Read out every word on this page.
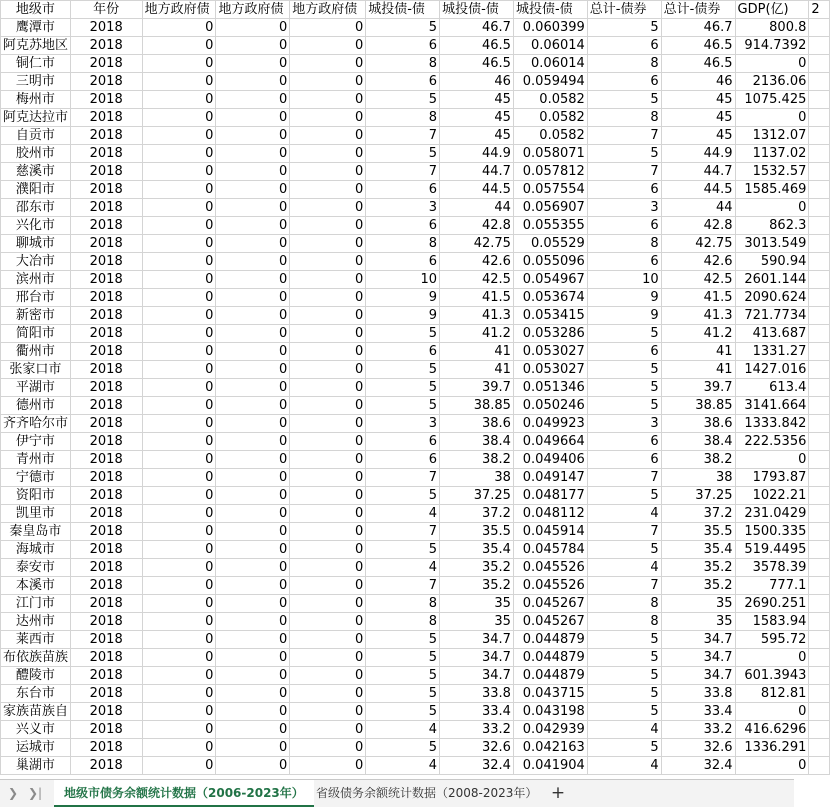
地级市	年份	地方政府债	地方政府债	地方政府债	城投债-债	城投债-债	城投债-债	总计-债券	总计-债券	GDP(亿)	2
鹰潭市	2018	0	0	0	5	46.7	0.060399	5	46.7	800.8	
阿克苏地区	2018	0	0	0	6	46.5	0.06014	6	46.5	914.7392	
铜仁市	2018	0	0	0	8	46.5	0.06014	8	46.5	0	
三明市	2018	0	0	0	6	46	0.059494	6	46	2136.06	
梅州市	2018	0	0	0	5	45	0.0582	5	45	1075.425	
阿克达拉市	2018	0	0	0	8	45	0.0582	8	45	0	
自贡市	2018	0	0	0	7	45	0.0582	7	45	1312.07	
胶州市	2018	0	0	0	5	44.9	0.058071	5	44.9	1137.02	
慈溪市	2018	0	0	0	7	44.7	0.057812	7	44.7	1532.57	
濮阳市	2018	0	0	0	6	44.5	0.057554	6	44.5	1585.469	
邵东市	2018	0	0	0	3	44	0.056907	3	44	0	
兴化市	2018	0	0	0	6	42.8	0.055355	6	42.8	862.3	
聊城市	2018	0	0	0	8	42.75	0.05529	8	42.75	3013.549	
大冶市	2018	0	0	0	6	42.6	0.055096	6	42.6	590.94	
滨州市	2018	0	0	0	10	42.5	0.054967	10	42.5	2601.144	
邢台市	2018	0	0	0	9	41.5	0.053674	9	41.5	2090.624	
新密市	2018	0	0	0	9	41.3	0.053415	9	41.3	721.7734	
简阳市	2018	0	0	0	5	41.2	0.053286	5	41.2	413.687	
衢州市	2018	0	0	0	6	41	0.053027	6	41	1331.27	
张家口市	2018	0	0	0	5	41	0.053027	5	41	1427.016	
平湖市	2018	0	0	0	5	39.7	0.051346	5	39.7	613.4	
德州市	2018	0	0	0	5	38.85	0.050246	5	38.85	3141.664	
齐齐哈尔市	2018	0	0	0	3	38.6	0.049923	3	38.6	1333.842	
伊宁市	2018	0	0	0	6	38.4	0.049664	6	38.4	222.5356	
青州市	2018	0	0	0	6	38.2	0.049406	6	38.2	0	
宁德市	2018	0	0	0	7	38	0.049147	7	38	1793.87	
资阳市	2018	0	0	0	5	37.25	0.048177	5	37.25	1022.21	
凯里市	2018	0	0	0	4	37.2	0.048112	4	37.2	231.0429	
秦皇岛市	2018	0	0	0	7	35.5	0.045914	7	35.5	1500.335	
海城市	2018	0	0	0	5	35.4	0.045784	5	35.4	519.4495	
泰安市	2018	0	0	0	4	35.2	0.045526	4	35.2	3578.39	
本溪市	2018	0	0	0	7	35.2	0.045526	7	35.2	777.1	
江门市	2018	0	0	0	8	35	0.045267	8	35	2690.251	
达州市	2018	0	0	0	8	35	0.045267	8	35	1583.94	
莱西市	2018	0	0	0	5	34.7	0.044879	5	34.7	595.72	
布依族苗族	2018	0	0	0	5	34.7	0.044879	5	34.7	0	
醴陵市	2018	0	0	0	5	34.7	0.044879	5	34.7	601.3943	
东台市	2018	0	0	0	5	33.8	0.043715	5	33.8	812.81	
家族苗族自	2018	0	0	0	5	33.4	0.043198	5	33.4	0	
兴义市	2018	0	0	0	4	33.2	0.042939	4	33.2	416.6296	
运城市	2018	0	0	0	5	32.6	0.042163	5	32.6	1336.291	
巢湖市	2018	0	0	0	4	32.4	0.041904	4	32.4	0	
❯ ❯|	地级市债务余额统计数据（2006-2023年）	省级债务余额统计数据（2008-2023年） +
